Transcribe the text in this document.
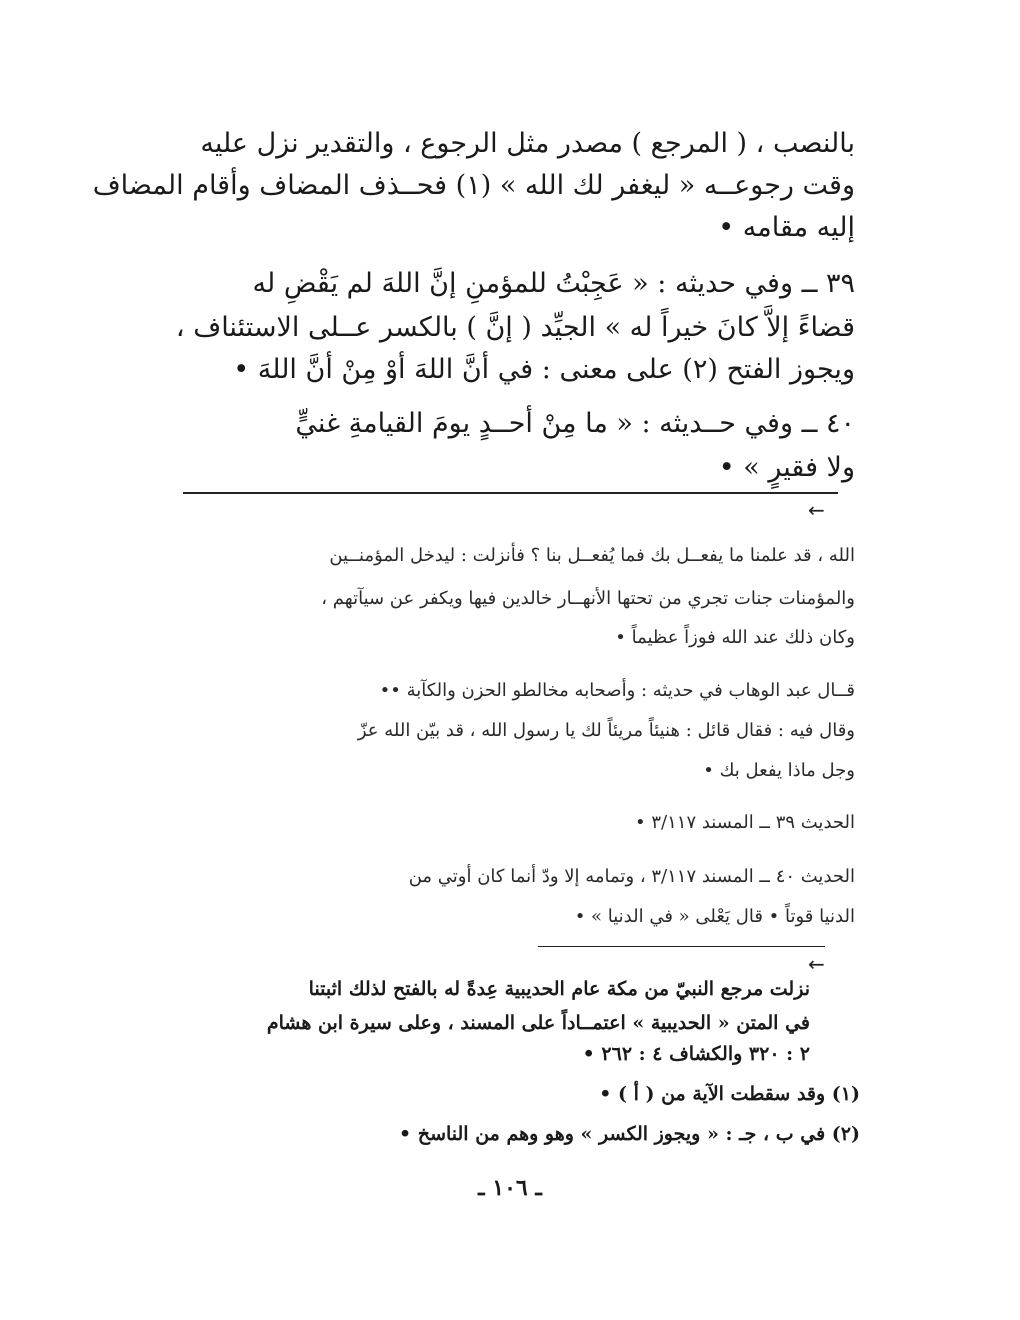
بالنصب ، ( المرجع ) مصدر مثل الرجوع ، والتقدير نزل عليه
وقت رجوعــه « ليغفر لك الله » (١) فحــذف المضاف وأقام المضاف
إليه مقامه •
٣٩ ــ وفي حديثه : « عَجِبْتُ للمؤمنِ إنَّ اللهَ لم يَقْضِ له
قضاءً إلاَّ كانَ خيراً له » الجيِّد ( إنَّ ) بالكسر عــلى الاستئناف ،
ويجوز الفتح (٢) على معنى : في أنَّ اللهَ أوْ مِنْ أنَّ اللهَ •
٤٠ ــ وفي حــديثه : « ما مِنْ أحــدٍ يومَ القيامةِ غنيٍّ
ولا فقيرٍ » •
←
الله ، قد علمنا ما يفعــل بك فما يُفعــل بنا ؟ فأنزلت : ليدخل المؤمنــين
والمؤمنات جنات تجري من تحتها الأنهــار خالدين فيها ويكفر عن سيآتهم ،
وكان ذلك عند الله فوزاً عظيماً •
قــال عبد الوهاب في حديثه : وأصحابه مخالطو الحزن والكآبة ••
وقال فيه : فقال قائل : هنيئاً مريئاً لك يا رسول الله ، قد بيّن الله عزّ
وجل ماذا يفعل بك •
الحديث ٣٩ ــ المسند ٣/١١٧ •
الحديث ٤٠ ــ المسند ٣/١١٧ ، وتمامه إلا ودّ أنما كان أوتي من
الدنيا قوتاً • قال يَعْلى « في الدنيا » •
←
نزلت مرجع النبيّ من مكة عام الحديبية عِدةً له بالفتح لذلك اثبتنا
في المتن « الحديبية » اعتمــاداً على المسند ، وعلى سيرة ابن هشام
٢ : ٣٢٠ والكشاف ٤ : ٢٦٢ •
(١) وقد سقطت الآية من ( أ ) •
(٢) في ب ، جـ : « ويجوز الكسر » وهو وهم من الناسخ •
ـ ١٠٦ ـ
